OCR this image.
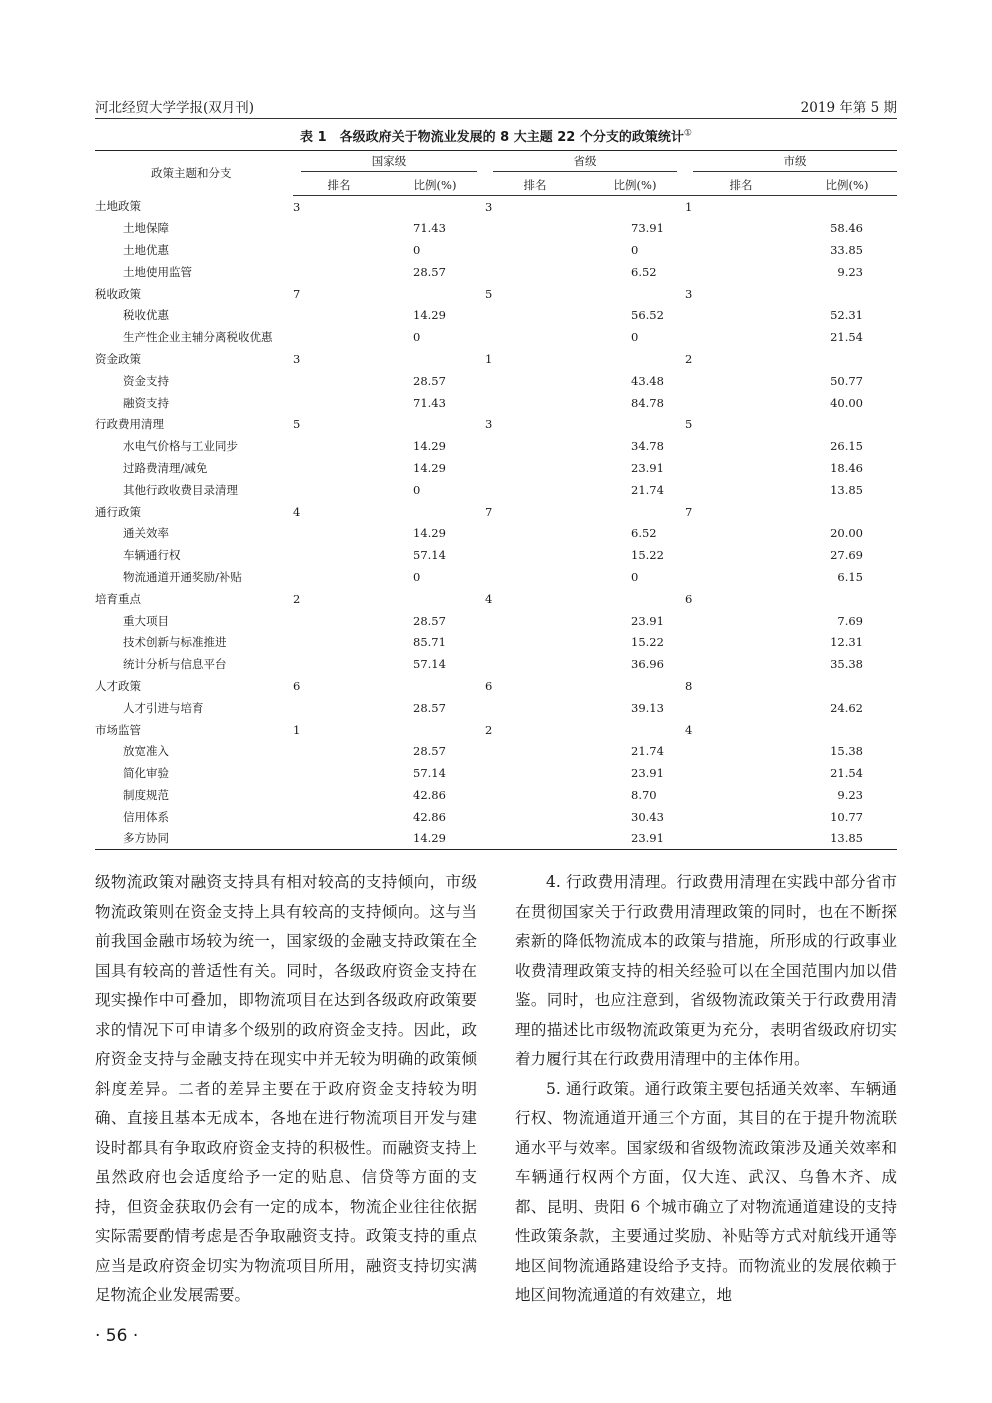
河北经贸大学学报(双月刊)	2019 年第 5 期
表 1　各级政府关于物流业发展的 8 大主题 22 个分支的政策统计①
政策主题和分支	国家级		省级		市级	

	排名	比例(%)	排名	比例(%)	排名	比例(%)
土地政策	3		3		1	
土地保障		71.43		73.91		58.46
土地优惠		0		0		33.85
土地使用监管		28.57		6.52		9.23
税收政策	7		5		3	
税收优惠		14.29		56.52		52.31
生产性企业主辅分离税收优惠		0		0		21.54
资金政策	3		1		2	
资金支持		28.57		43.48		50.77
融资支持		71.43		84.78		40.00
行政费用清理	5		3		5	
水电气价格与工业同步		14.29		34.78		26.15
过路费清理/减免		14.29		23.91		18.46
其他行政收费目录清理		0		21.74		13.85
通行政策	4		7		7	
通关效率		14.29		6.52		20.00
车辆通行权		57.14		15.22		27.69
物流通道开通奖励/补贴		0		0		6.15
培育重点	2		4		6	
重大项目		28.57		23.91		7.69
技术创新与标准推进		85.71		15.22		12.31
统计分析与信息平台		57.14		36.96		35.38
人才政策	6		6		8	
人才引进与培育		28.57		39.13		24.62
市场监管	1		2		4	
放宽准入		28.57		21.74		15.38
简化审验		57.14		23.91		21.54
制度规范		42.86		8.70		9.23
信用体系		42.86		30.43		10.77
多方协同		14.29		23.91		13.85

级物流政策对融资支持具有相对较高的支持倾向，市级物流政策则在资金支持上具有较高的支持倾向。这与当前我国金融市场较为统一，国家级的金融支持政策在全国具有较高的普适性有关。同时，各级政府资金支持在现实操作中可叠加，即物流项目在达到各级政府政策要求的情况下可申请多个级别的政府资金支持。因此，政府资金支持与金融支持在现实中并无较为明确的政策倾斜度差异。二者的差异主要在于政府资金支持较为明确、直接且基本无成本，各地在进行物流项目开发与建设时都具有争取政府资金支持的积极性。而融资支持上虽然政府也会适度给予一定的贴息、信贷等方面的支持，但资金获取仍会有一定的成本，物流企业往往依据实际需要酌情考虑是否争取融资支持。政策支持的重点应当是政府资金切实为物流项目所用，融资支持切实满足物流企业发展需要。

4. 行政费用清理。行政费用清理在实践中部分省市在贯彻国家关于行政费用清理政策的同时，也在不断探索新的降低物流成本的政策与措施，所形成的行政事业收费清理政策支持的相关经验可以在全国范围内加以借鉴。同时，也应注意到，省级物流政策关于行政费用清理的描述比市级物流政策更为充分，表明省级政府切实着力履行其在行政费用清理中的主体作用。

5. 通行政策。通行政策主要包括通关效率、车辆通行权、物流通道开通三个方面，其目的在于提升物流联通水平与效率。国家级和省级物流政策涉及通关效率和车辆通行权两个方面，仅大连、武汉、乌鲁木齐、成都、昆明、贵阳 6 个城市确立了对物流通道建设的支持性政策条款，主要通过奖励、补贴等方式对航线开通等地区间物流通路建设给予支持。而物流业的发展依赖于地区间物流通道的有效建立，地

· 56 ·
